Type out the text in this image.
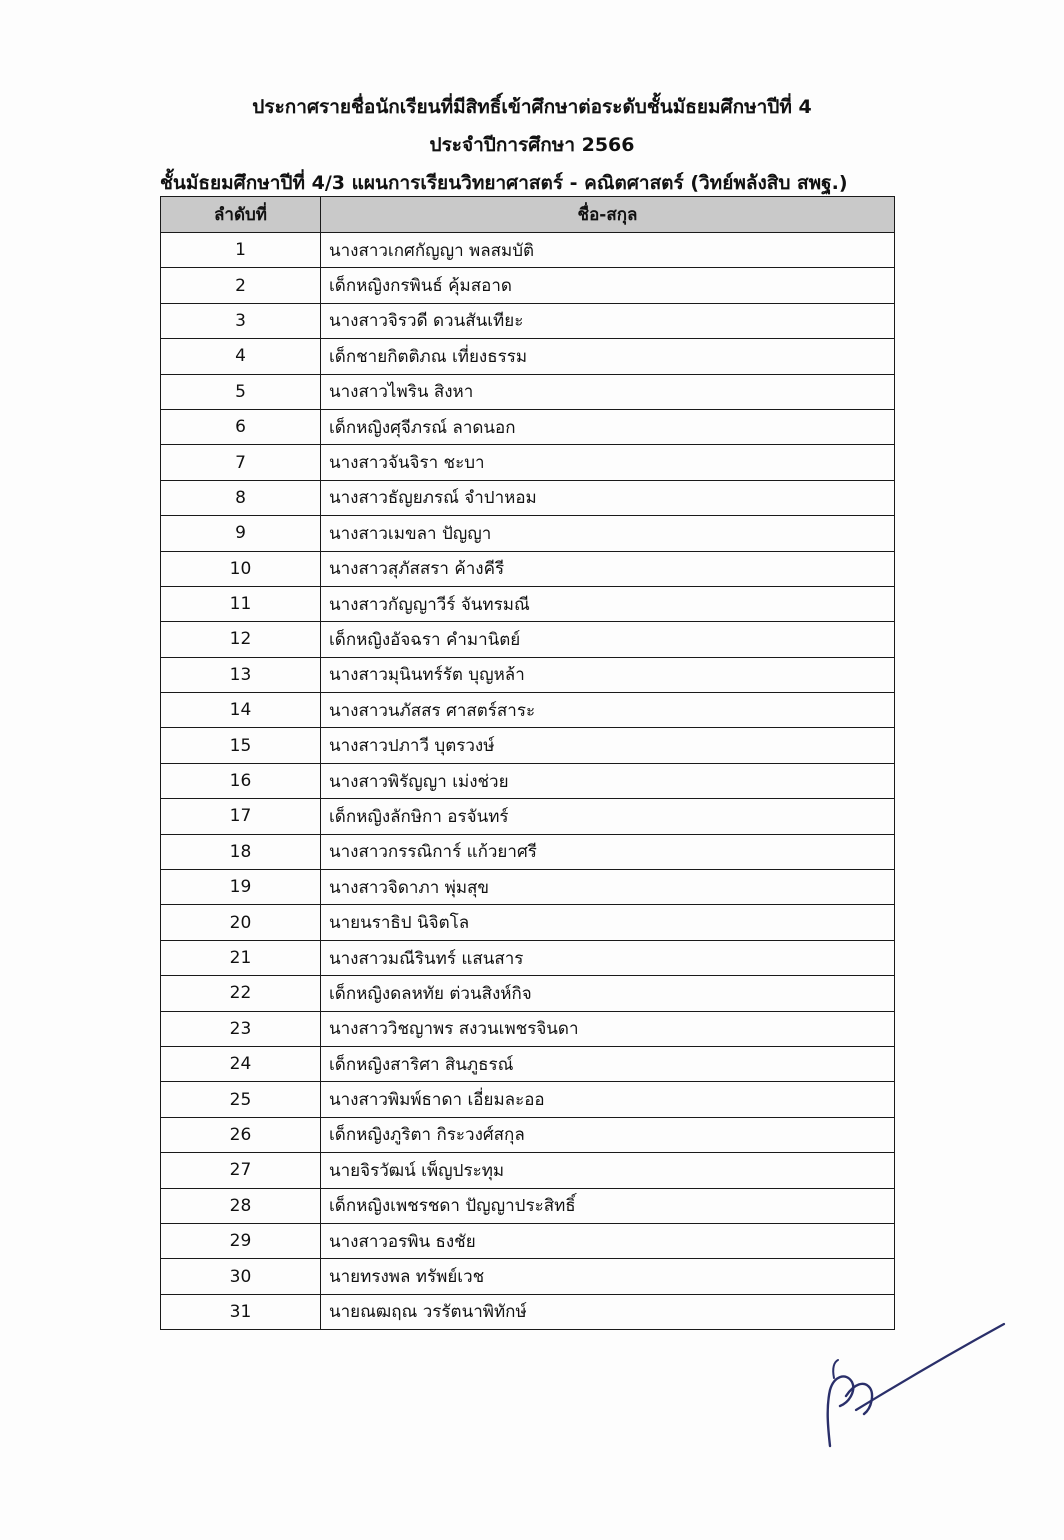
ประกาศรายชื่อนักเรียนที่มีสิทธิ์เข้าศึกษาต่อระดับชั้นมัธยมศึกษาปีที่ 4
ประจำปีการศึกษา 2566
ชั้นมัธยมศึกษาปีที่ 4/3 แผนการเรียนวิทยาศาสตร์ - คณิตศาสตร์ (วิทย์พลังสิบ สพฐ.)
ลำดับที่	ชื่อ-สกุล
1	นางสาวเกศกัญญา พลสมบัติ
2	เด็กหญิงกรพินธ์ คุ้มสอาด
3	นางสาวจิรวดี ดวนสันเทียะ
4	เด็กชายกิตติภณ เที่ยงธรรม
5	นางสาวไพริน สิงหา
6	เด็กหญิงศุจีภรณ์ ลาดนอก
7	นางสาวจันจิรา ชะบา
8	นางสาวธัญยภรณ์ จำปาหอม
9	นางสาวเมขลา ปัญญา
10	นางสาวสุภัสสรา ค้างคีรี
11	นางสาวกัญญาวีร์ จันทรมณี
12	เด็กหญิงอัจฉรา คำมานิตย์
13	นางสาวมุนินทร์รัต บุญหล้า
14	นางสาวนภัสสร ศาสตร์สาระ
15	นางสาวปภาวี บุตรวงษ์
16	นางสาวพิรัญญา เม่งช่วย
17	เด็กหญิงลักษิกา อรจันทร์
18	นางสาวกรรณิการ์ แก้วยาศรี
19	นางสาวจิดาภา พุ่มสุข
20	นายนราธิป นิจิตโล
21	นางสาวมณีรินทร์ แสนสาร
22	เด็กหญิงดลหทัย ต่วนสิงห์กิจ
23	นางสาววิชญาพร สงวนเพชรจินดา
24	เด็กหญิงสาริศา สินภูธรณ์
25	นางสาวพิมพ์ธาดา เอี่ยมละออ
26	เด็กหญิงภูริตา กิระวงศ์สกุล
27	นายจิรวัฒน์ เพ็ญประทุม
28	เด็กหญิงเพชรชดา ปัญญาประสิทธิ์
29	นางสาวอรพิน ธงชัย
30	นายทรงพล ทรัพย์เวช
31	นายณฒฤณ วรรัตนาพิทักษ์
